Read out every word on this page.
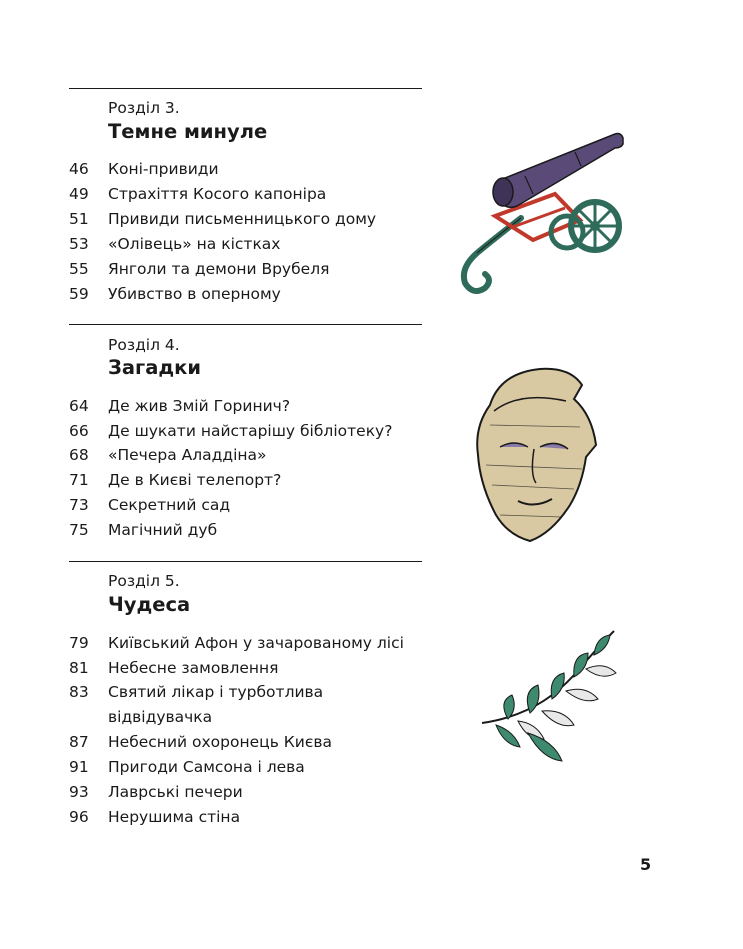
Розділ 3.
Темне минуле
46 Коні-привиди
49 Страхіття Косого капоніра
51 Привиди письменницького дому
53 «Олівець» на кістках
55 Янголи та демони Врубеля
59 Убивство в оперному
Розділ 4.
Загадки
64 Де жив Змій Горинич?
66 Де шукати найстарішу бібліотеку?
68 «Печера Аладдіна»
71 Де в Києві телепорт?
73 Секретний сад
75 Магічний дуб
Розділ 5.
Чудеса
79 Київський Афон у зачарованому лісі
81 Небесне замовлення
83 Святий лікар і турботлива
відвідувачка
87 Небесний охоронець Києва
91 Пригоди Самсона і лева
93 Лаврські печери
96 Нерушима стіна
5
